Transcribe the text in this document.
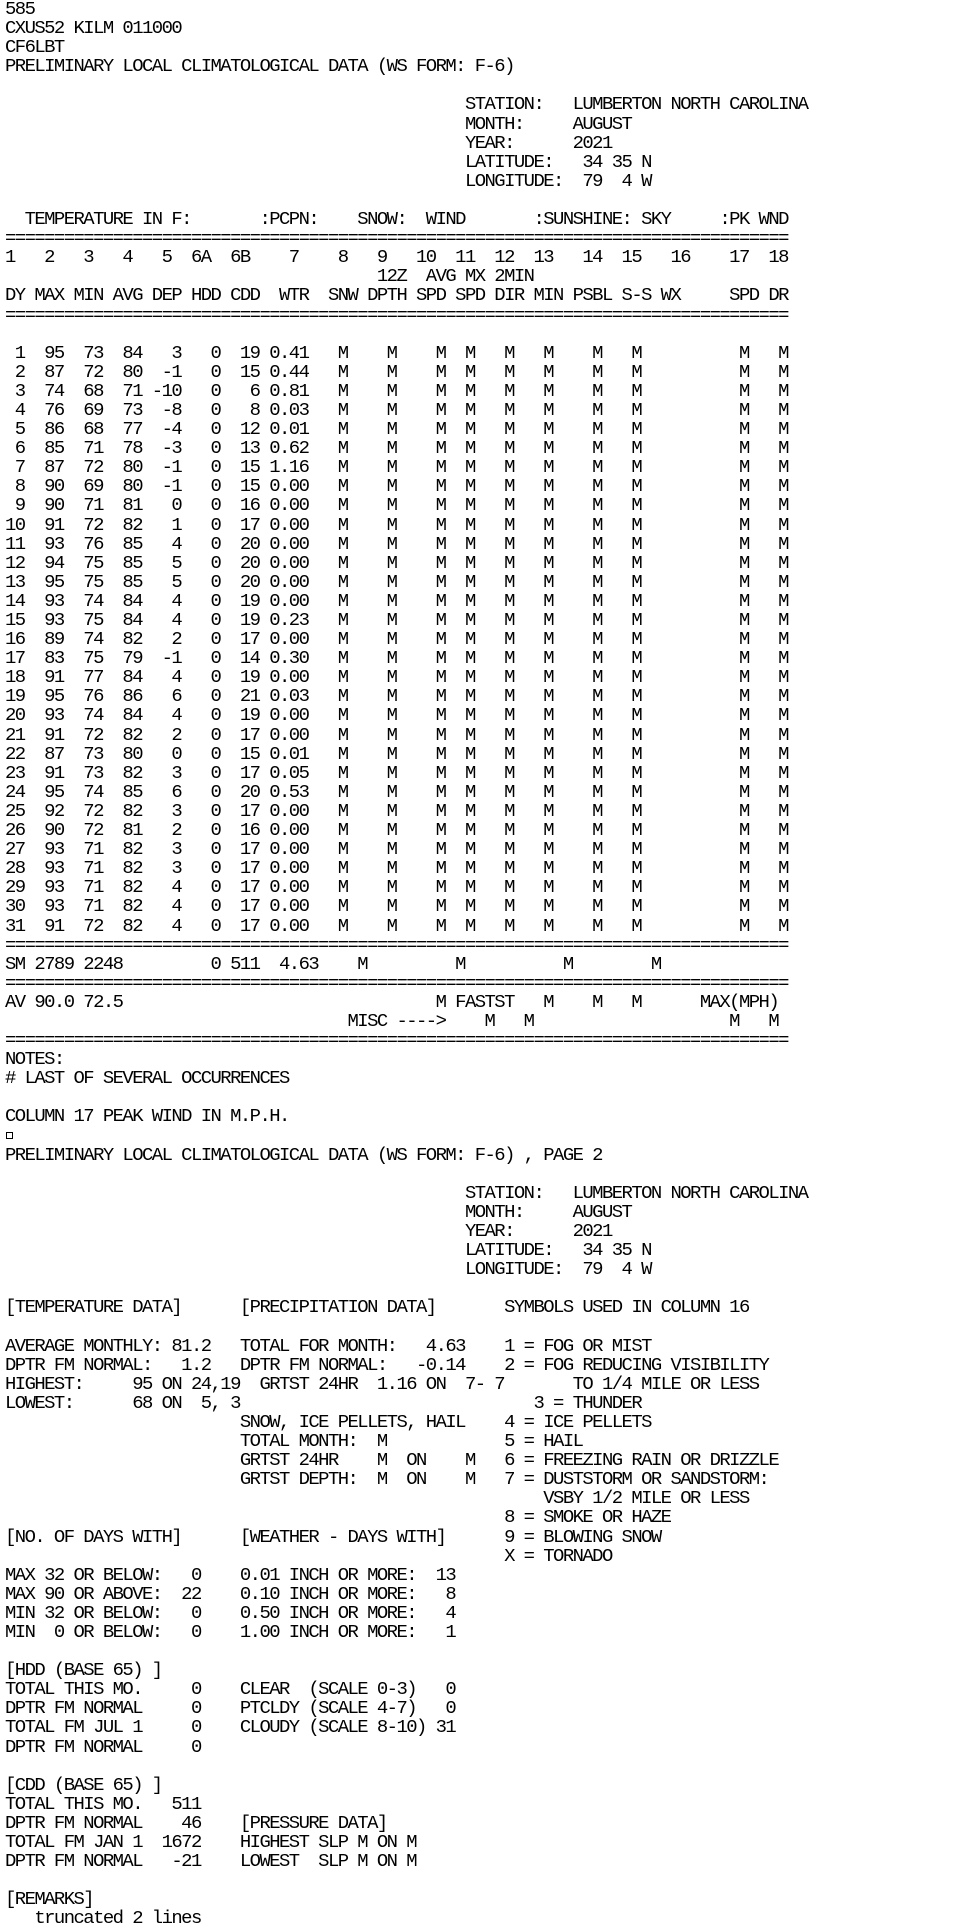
585
CXUS52 KILM 011000
CF6LBT
PRELIMINARY LOCAL CLIMATOLOGICAL DATA (WS FORM: F-6)
STATION:   LUMBERTON NORTH CAROLINA
MONTH:     AUGUST
YEAR:      2021
LATITUDE:   34 35 N
LONGITUDE:  79  4 W
TEMPERATURE IN F:       :PCPN:    SNOW:  WIND       :SUNSHINE: SKY     :PK WND
================================================================================
1   2   3   4   5  6A  6B    7    8   9   10  11  12  13   14  15   16    17  18
12Z  AVG MX 2MIN
DY MAX MIN AVG DEP HDD CDD  WTR  SNW DPTH SPD SPD DIR MIN PSBL S-S WX     SPD DR
================================================================================
1  95  73  84   3   0  19 0.41   M    M    M  M   M   M    M   M          M   M
2  87  72  80  -1   0  15 0.44   M    M    M  M   M   M    M   M          M   M
3  74  68  71 -10   0   6 0.81   M    M    M  M   M   M    M   M          M   M
4  76  69  73  -8   0   8 0.03   M    M    M  M   M   M    M   M          M   M
5  86  68  77  -4   0  12 0.01   M    M    M  M   M   M    M   M          M   M
6  85  71  78  -3   0  13 0.62   M    M    M  M   M   M    M   M          M   M
7  87  72  80  -1   0  15 1.16   M    M    M  M   M   M    M   M          M   M
8  90  69  80  -1   0  15 0.00   M    M    M  M   M   M    M   M          M   M
9  90  71  81   0   0  16 0.00   M    M    M  M   M   M    M   M          M   M
10  91  72  82   1   0  17 0.00   M    M    M  M   M   M    M   M          M   M
11  93  76  85   4   0  20 0.00   M    M    M  M   M   M    M   M          M   M
12  94  75  85   5   0  20 0.00   M    M    M  M   M   M    M   M          M   M
13  95  75  85   5   0  20 0.00   M    M    M  M   M   M    M   M          M   M
14  93  74  84   4   0  19 0.00   M    M    M  M   M   M    M   M          M   M
15  93  75  84   4   0  19 0.23   M    M    M  M   M   M    M   M          M   M
16  89  74  82   2   0  17 0.00   M    M    M  M   M   M    M   M          M   M
17  83  75  79  -1   0  14 0.30   M    M    M  M   M   M    M   M          M   M
18  91  77  84   4   0  19 0.00   M    M    M  M   M   M    M   M          M   M
19  95  76  86   6   0  21 0.03   M    M    M  M   M   M    M   M          M   M
20  93  74  84   4   0  19 0.00   M    M    M  M   M   M    M   M          M   M
21  91  72  82   2   0  17 0.00   M    M    M  M   M   M    M   M          M   M
22  87  73  80   0   0  15 0.01   M    M    M  M   M   M    M   M          M   M
23  91  73  82   3   0  17 0.05   M    M    M  M   M   M    M   M          M   M
24  95  74  85   6   0  20 0.53   M    M    M  M   M   M    M   M          M   M
25  92  72  82   3   0  17 0.00   M    M    M  M   M   M    M   M          M   M
26  90  72  81   2   0  16 0.00   M    M    M  M   M   M    M   M          M   M
27  93  71  82   3   0  17 0.00   M    M    M  M   M   M    M   M          M   M
28  93  71  82   3   0  17 0.00   M    M    M  M   M   M    M   M          M   M
29  93  71  82   4   0  17 0.00   M    M    M  M   M   M    M   M          M   M
30  93  71  82   4   0  17 0.00   M    M    M  M   M   M    M   M          M   M
31  91  72  82   4   0  17 0.00   M    M    M  M   M   M    M   M          M   M
================================================================================
SM 2789 2248         0 511  4.63    M         M          M        M
================================================================================
AV 90.0 72.5                                M FASTST   M    M   M      MAX(MPH)
MISC ---->    M   M                    M   M
================================================================================
NOTES:
# LAST OF SEVERAL OCCURRENCES
COLUMN 17 PEAK WIND IN M.P.H.
PRELIMINARY LOCAL CLIMATOLOGICAL DATA (WS FORM: F-6) , PAGE 2
STATION:   LUMBERTON NORTH CAROLINA
MONTH:     AUGUST
YEAR:      2021
LATITUDE:   34 35 N
LONGITUDE:  79  4 W
[TEMPERATURE DATA]      [PRECIPITATION DATA]       SYMBOLS USED IN COLUMN 16
AVERAGE MONTHLY: 81.2   TOTAL FOR MONTH:   4.63    1 = FOG OR MIST
DPTR FM NORMAL:   1.2   DPTR FM NORMAL:   -0.14    2 = FOG REDUCING VISIBILITY
HIGHEST:     95 ON 24,19  GRTST 24HR  1.16 ON  7- 7       TO 1/4 MILE OR LESS
LOWEST:      68 ON  5, 3                              3 = THUNDER
SNOW, ICE PELLETS, HAIL    4 = ICE PELLETS
TOTAL MONTH:  M            5 = HAIL
GRTST 24HR    M  ON    M   6 = FREEZING RAIN OR DRIZZLE
GRTST DEPTH:  M  ON    M   7 = DUSTSTORM OR SANDSTORM:
VSBY 1/2 MILE OR LESS
8 = SMOKE OR HAZE
[NO. OF DAYS WITH]      [WEATHER - DAYS WITH]      9 = BLOWING SNOW
X = TORNADO
MAX 32 OR BELOW:   0    0.01 INCH OR MORE:  13
MAX 90 OR ABOVE:  22    0.10 INCH OR MORE:   8
MIN 32 OR BELOW:   0    0.50 INCH OR MORE:   4
MIN  0 OR BELOW:   0    1.00 INCH OR MORE:   1
[HDD (BASE 65) ]
TOTAL THIS MO.     0    CLEAR  (SCALE 0-3)   0
DPTR FM NORMAL     0    PTCLDY (SCALE 4-7)   0
TOTAL FM JUL 1     0    CLOUDY (SCALE 8-10) 31
DPTR FM NORMAL     0
[CDD (BASE 65) ]
TOTAL THIS MO.   511
DPTR FM NORMAL    46    [PRESSURE DATA]
TOTAL FM JAN 1  1672    HIGHEST SLP M ON M
DPTR FM NORMAL   -21    LOWEST  SLP M ON M
[REMARKS]
truncated 2 lines
